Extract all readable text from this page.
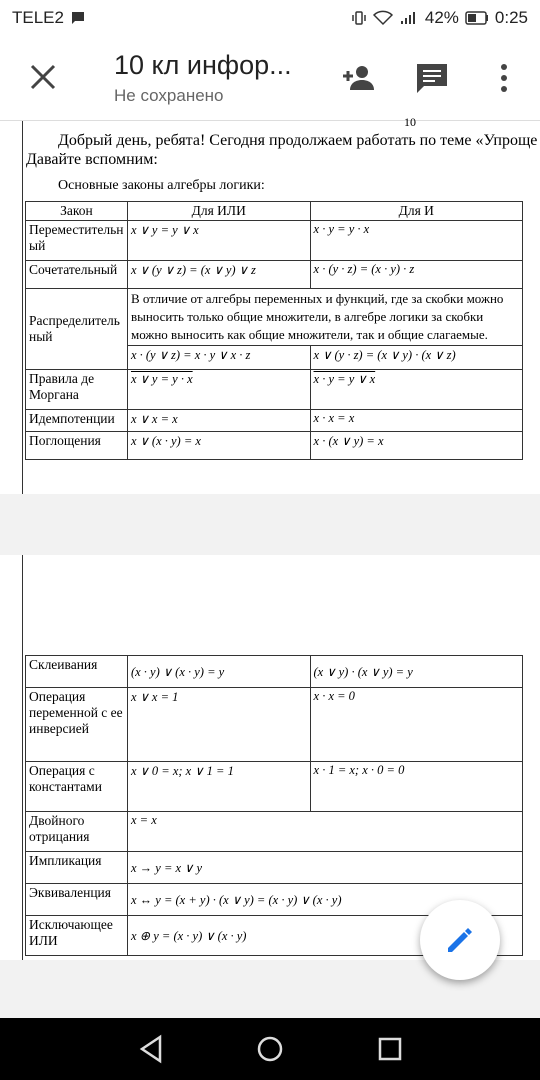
TELE2	42% 0:25
10 кл инфор...
Не сохранено
10
Добрый день, ребята! Сегодня продолжаем работать по теме «Упроще
Давайте вспомним:
Основные законы алгебры логики:
Закон	Для ИЛИ	Для И
Переместительный	x ∨ y = y ∨ x	x · y = y · x
Сочетательный	x ∨ (y ∨ z) = (x ∨ y) ∨ z	x · (y · z) = (x · y) · z
Распределительный	В отличие от алгебры переменных и функций, где за скобки можно выносить только общие множители, в алгебре логики за скобки можно выносить как общие множители, так и общие слагаемые.	
	x · (y ∨ z) = x · y ∨ x · z	x ∨ (y · z) = (x ∨ y) · (x ∨ z)
Правила де Моргана	x ∨ y = y · x	x · y = y ∨ x
Идемпотенции	x ∨ x = x	x · x = x
Поглощения	x ∨ (x · y) = x	x · (x ∨ y) = x
Склеивания	(x · y) ∨ (x · y) = y	(x ∨ y) · (x ∨ y) = y
Операция переменной с ее инверсией	x ∨ x = 1	x · x = 0
Операция с константами	x ∨ 0 = x; x ∨ 1 = 1	x · 1 = x; x · 0 = 0
Двойного отрицания	x = x	
Импликация	x → y = x ∨ y	
Эквиваленция	x ↔ y = (x + y) · (x ∨ y) = (x · y) ∨ (x · y)	
Исключающее ИЛИ	x ⊕ y = (x · y) ∨ (x · y)	
